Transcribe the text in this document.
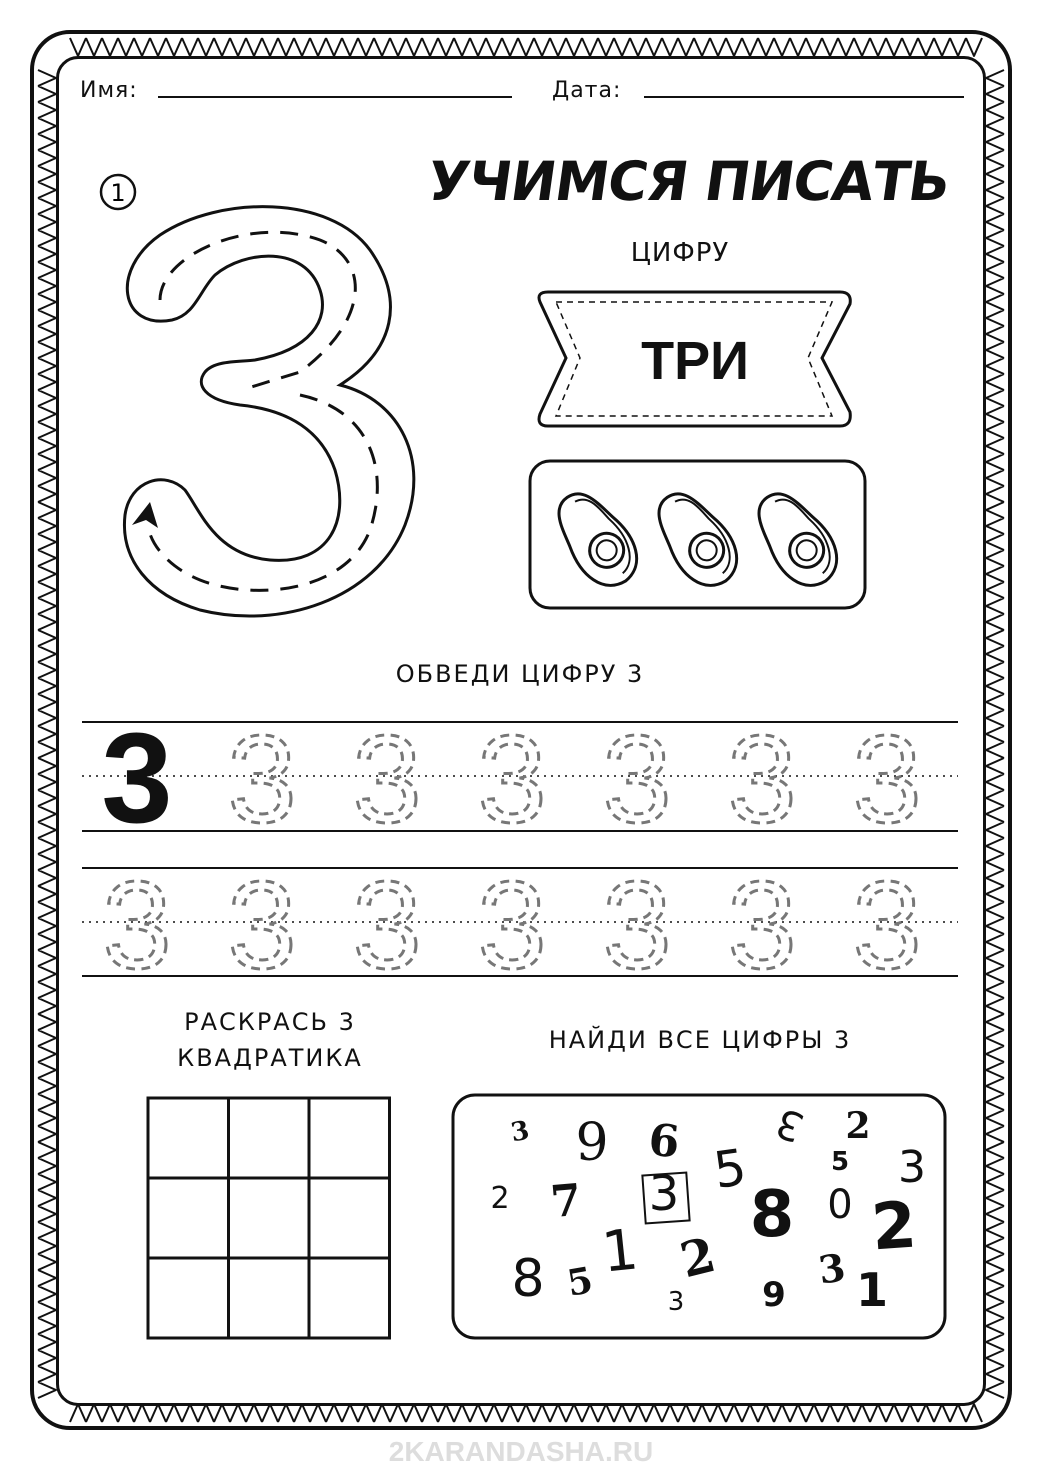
Имя:	Дата:
1
3 3 3 3 3 3 3
3 3 3 3 3 3 3
3 9 6 3 2
5	5 3
2 7 3 8 0 2
1
8 5 2 3 1
9
3
УЧИМСЯ ПИСАТЬ
ЦИФРУ
ТРИ
ОБВЕДИ ЦИФРУ 3
РАСКРАСЬ 3
КВАДРАТИКА
НАЙДИ ВСЕ ЦИФРЫ 3
2KARANDASHA.RU
